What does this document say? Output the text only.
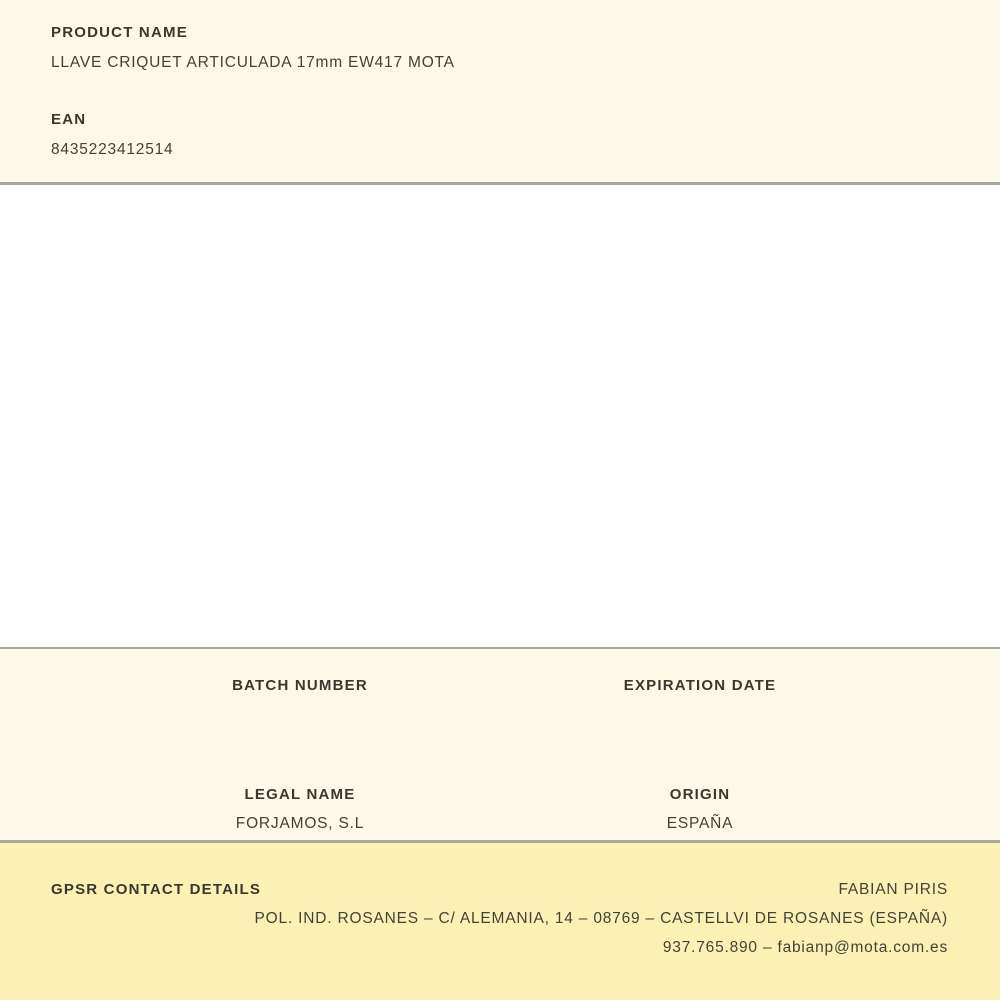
PRODUCT NAME
LLAVE CRIQUET ARTICULADA 17mm EW417 MOTA
EAN
8435223412514
BATCH NUMBER	EXPIRATION DATE
LEGAL NAME
FORJAMOS, S.L
ORIGIN
ESPAÑA
GPSR CONTACT DETAILS	FABIAN PIRIS
POL. IND. ROSANES – C/ ALEMANIA, 14 – 08769 – CASTELLVI DE ROSANES (ESPAÑA)
937.765.890 – fabianp@mota.com.es
